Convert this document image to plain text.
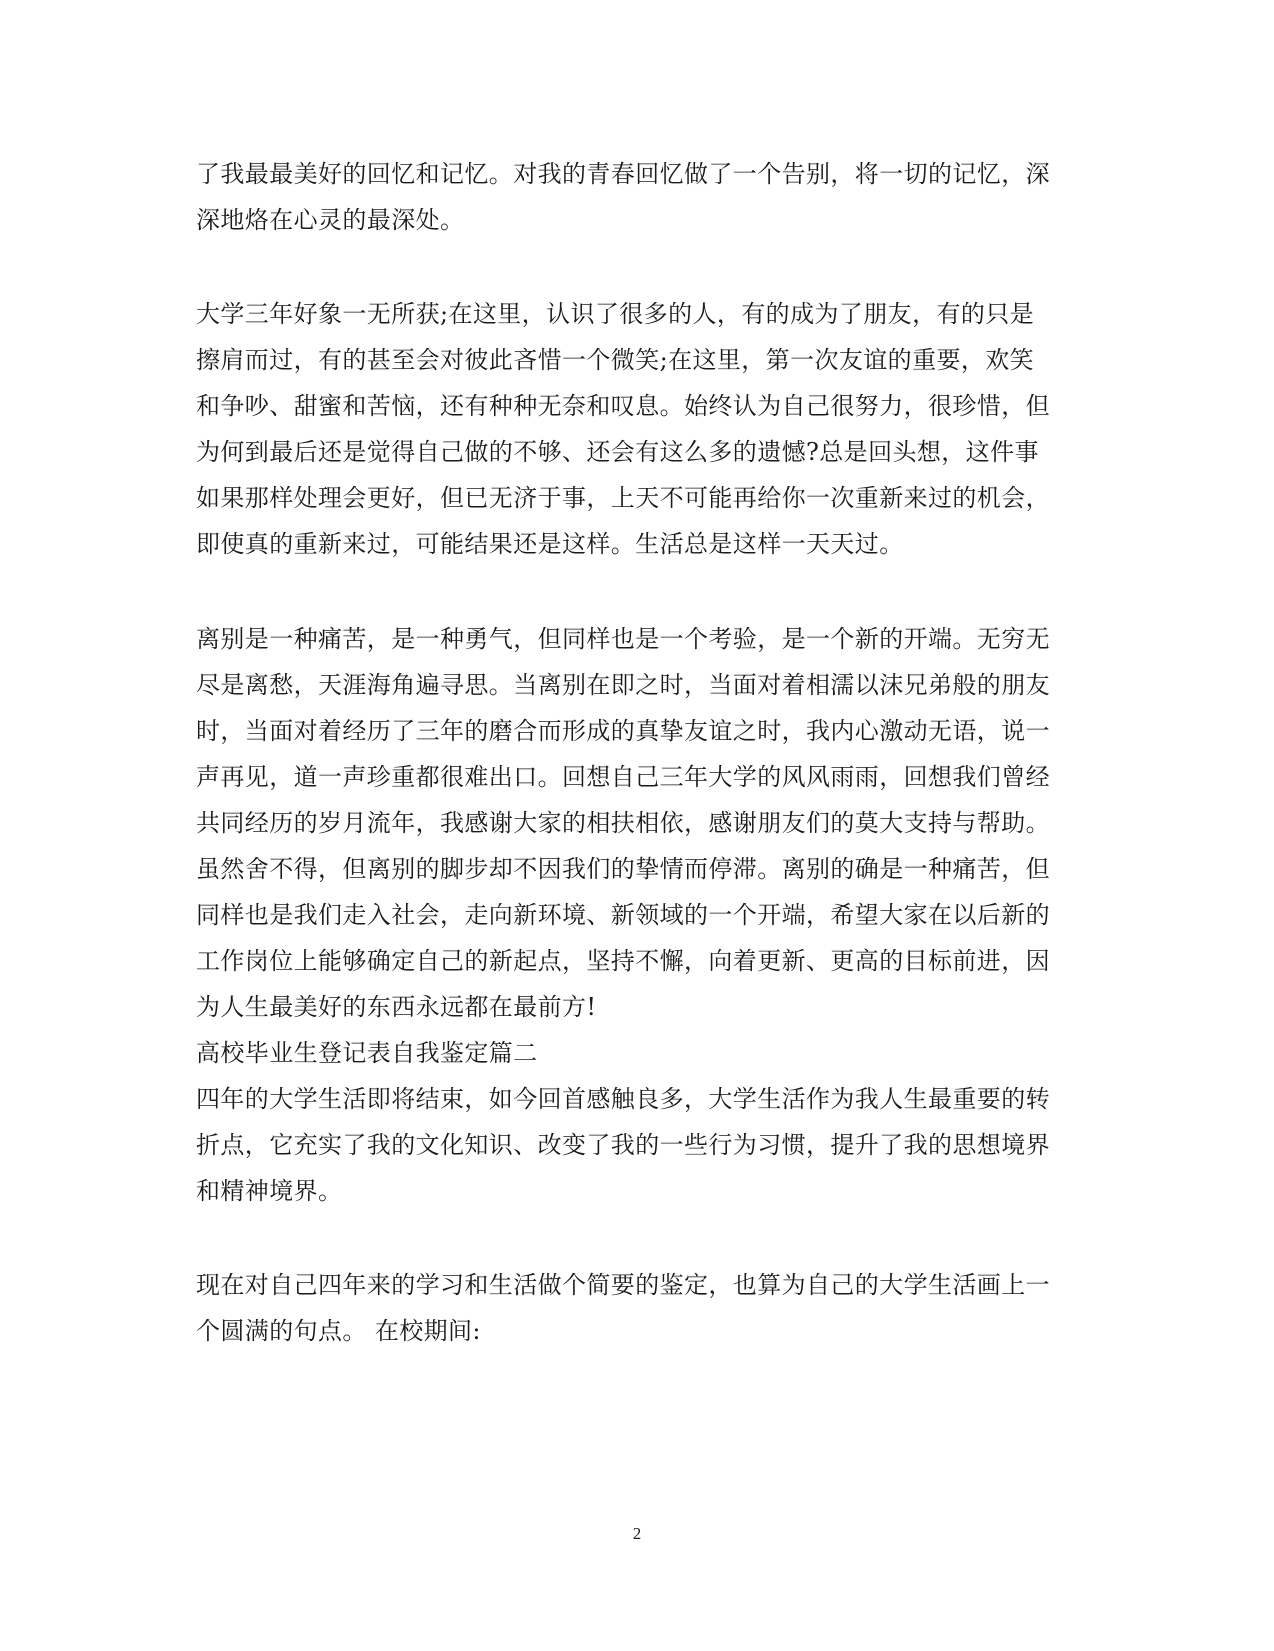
了我最最美好的回忆和记忆。对我的青春回忆做了一个告别，将一切的记忆，深
深地烙在心灵的最深处。
大学三年好象一无所获;在这里，认识了很多的人，有的成为了朋友，有的只是
擦肩而过，有的甚至会对彼此吝惜一个微笑;在这里，第一次友谊的重要，欢笑
和争吵、甜蜜和苦恼，还有种种无奈和叹息。始终认为自己很努力，很珍惜，但
为何到最后还是觉得自己做的不够、还会有这么多的遗憾?总是回头想，这件事
如果那样处理会更好，但已无济于事，上天不可能再给你一次重新来过的机会，
即使真的重新来过，可能结果还是这样。生活总是这样一天天过。
离别是一种痛苦，是一种勇气，但同样也是一个考验，是一个新的开端。无穷无
尽是离愁，天涯海角遍寻思。当离别在即之时，当面对着相濡以沫兄弟般的朋友
时，当面对着经历了三年的磨合而形成的真挚友谊之时，我内心激动无语，说一
声再见，道一声珍重都很难出口。回想自己三年大学的风风雨雨，回想我们曾经
共同经历的岁月流年，我感谢大家的相扶相依，感谢朋友们的莫大支持与帮助。
虽然舍不得，但离别的脚步却不因我们的挚情而停滞。离别的确是一种痛苦，但
同样也是我们走入社会，走向新环境、新领域的一个开端，希望大家在以后新的
工作岗位上能够确定自己的新起点，坚持不懈，向着更新、更高的目标前进，因
为人生最美好的东西永远都在最前方!
高校毕业生登记表自我鉴定篇二
四年的大学生活即将结束，如今回首感触良多，大学生活作为我人生最重要的转
折点，它充实了我的文化知识、改变了我的一些行为习惯，提升了我的思想境界
和精神境界。
现在对自己四年来的学习和生活做个简要的鉴定，也算为自己的大学生活画上一
个圆满的句点。 在校期间:
2
